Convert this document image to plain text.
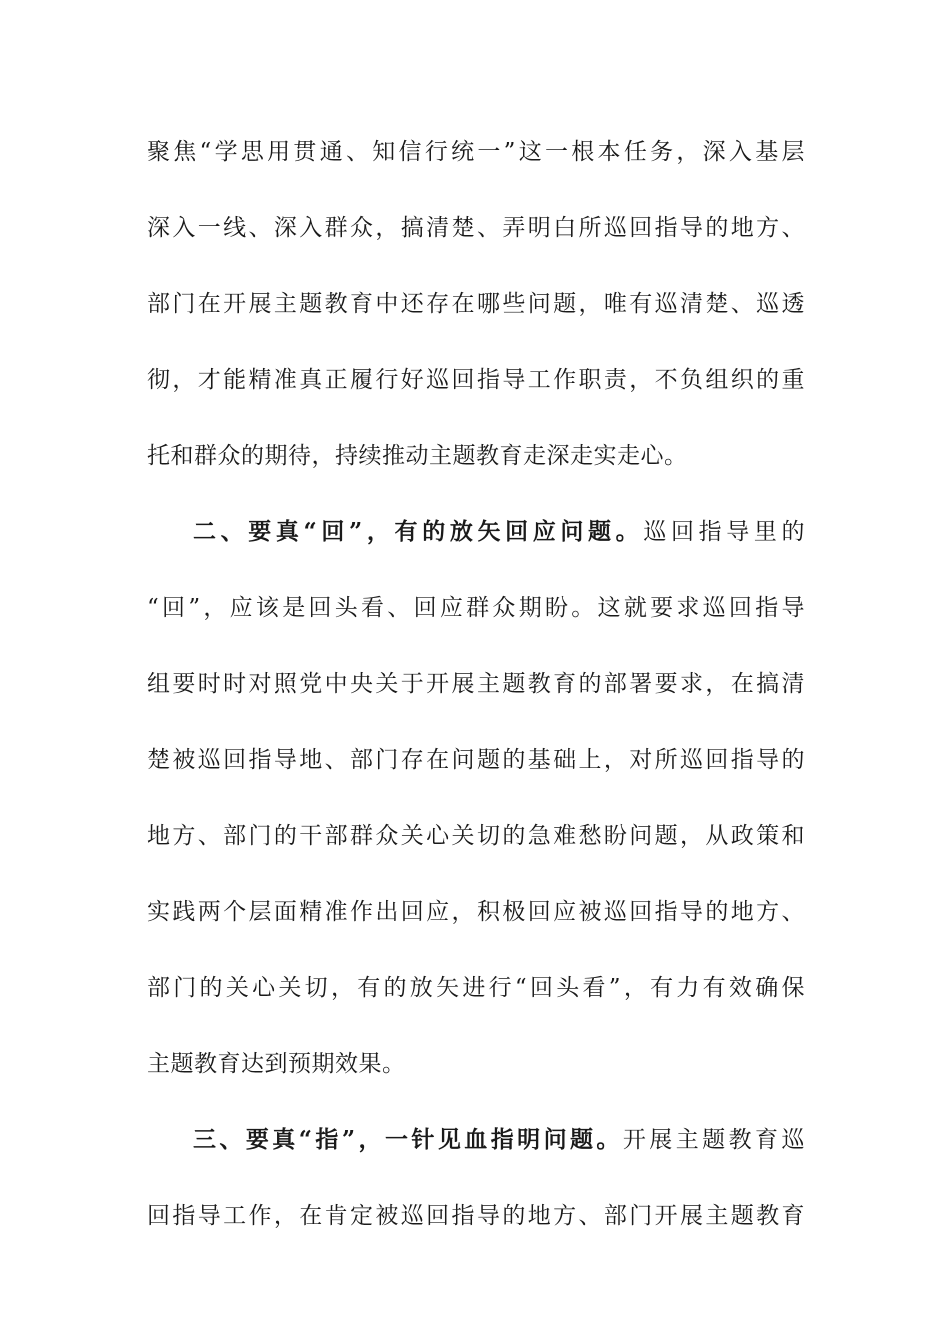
聚焦“学思用贯通、知信行统一”这一根本任务，深入基层
深入一线、深入群众，搞清楚、弄明白所巡回指导的地方、
部门在开展主题教育中还存在哪些问题，唯有巡清楚、巡透
彻，才能精准真正履行好巡回指导工作职责，不负组织的重
托和群众的期待，持续推动主题教育走深走实走心。
二、要真“回”，有的放矢回应问题。巡回指导里的
“回”，应该是回头看、回应群众期盼。这就要求巡回指导
组要时时对照党中央关于开展主题教育的部署要求，在搞清
楚被巡回指导地、部门存在问题的基础上，对所巡回指导的
地方、部门的干部群众关心关切的急难愁盼问题，从政策和
实践两个层面精准作出回应，积极回应被巡回指导的地方、
部门的关心关切，有的放矢进行“回头看”，有力有效确保
主题教育达到预期效果。
三、要真“指”，一针见血指明问题。开展主题教育巡
回指导工作，在肯定被巡回指导的地方、部门开展主题教育
